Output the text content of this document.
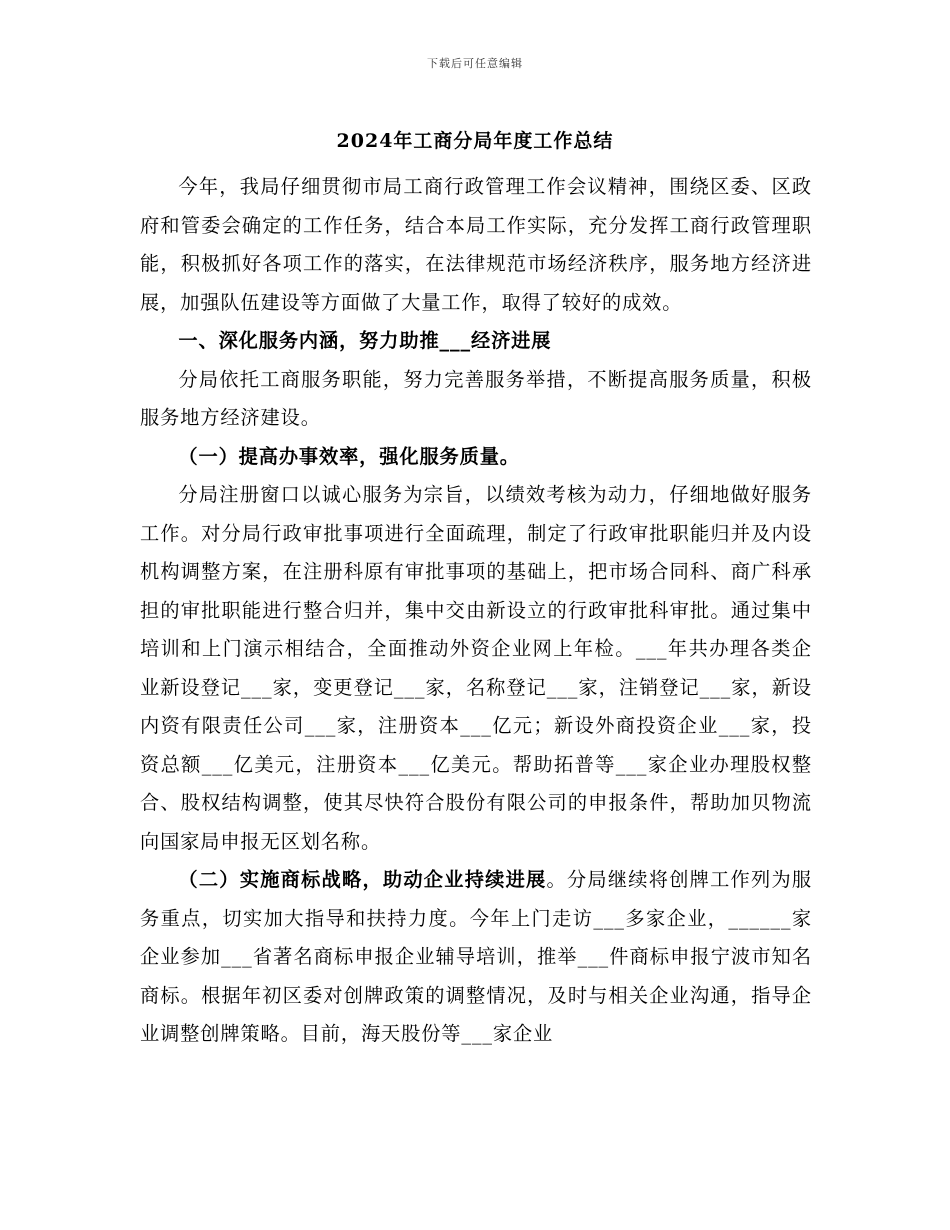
下载后可任意编辑
2024年工商分局年度工作总结

今年，我局仔细贯彻市局工商行政管理工作会议精神，围绕区委、区政府和管委会确定的工作任务，结合本局工作实际，充分发挥工商行政管理职能，积极抓好各项工作的落实，在法律规范市场经济秩序，服务地方经济进展，加强队伍建设等方面做了大量工作，取得了较好的成效。

一、深化服务内涵，努力助推___经济进展

分局依托工商服务职能，努力完善服务举措，不断提高服务质量，积极服务地方经济建设。

（一）提高办事效率，强化服务质量。

分局注册窗口以诚心服务为宗旨，以绩效考核为动力，仔细地做好服务工作。对分局行政审批事项进行全面疏理，制定了行政审批职能归并及内设机构调整方案，在注册科原有审批事项的基础上，把市场合同科、商广科承担的审批职能进行整合归并，集中交由新设立的行政审批科审批。通过集中培训和上门演示相结合，全面推动外资企业网上年检。___年共办理各类企业新设登记___家，变更登记___家，名称登记___家，注销登记___家，新设内资有限责任公司___家，注册资本___亿元；新设外商投资企业___家，投资总额___亿美元，注册资本___亿美元。帮助拓普等___家企业办理股权整合、股权结构调整，使其尽快符合股份有限公司的申报条件，帮助加贝物流向国家局申报无区划名称。

（二）实施商标战略，助动企业持续进展。分局继续将创牌工作列为服务重点，切实加大指导和扶持力度。今年上门走访___多家企业，______家企业参加___省著名商标申报企业辅导培训，推举___件商标申报宁波市知名商标。根据年初区委对创牌政策的调整情况，及时与相关企业沟通，指导企业调整创牌策略。目前，海天股份等___家企业
